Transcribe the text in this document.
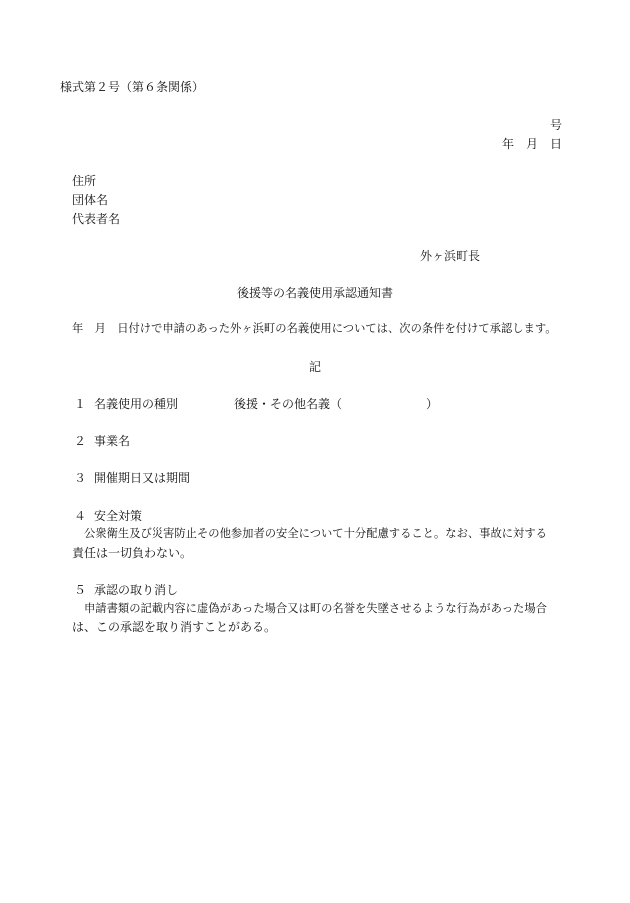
様式第２号（第６条関係）
号
年　月　日
住所
団体名
代表者名
外ヶ浜町長
後援等の名義使用承認通知書
年　月　日付けで申請のあった外ヶ浜町の名義使用については、次の条件を付けて承認します。
記
１ 名義使用の種別	後援・その他名義（　　　　　　　）
２ 事業名
３ 開催期日又は期間
４ 安全対策
公衆衛生及び災害防止その他参加者の安全について十分配慮すること。なお、事故に対する
責任は一切負わない。
５ 承認の取り消し
申請書類の記載内容に虚偽があった場合又は町の名誉を失墜させるような行為があった場合
は、この承認を取り消すことがある。
